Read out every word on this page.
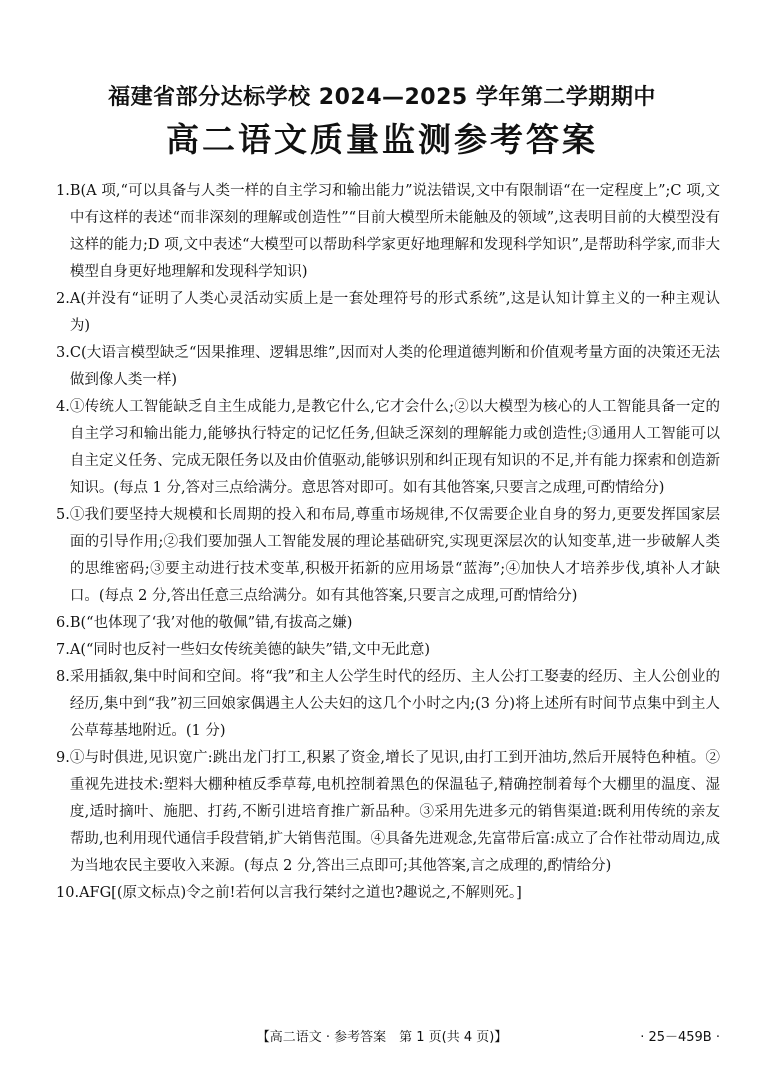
福建省部分达标学校 2024—2025 学年第二学期期中
高二语文质量监测参考答案
1. B(A 项,“可以具备与人类一样的自主学习和输出能力”说法错误,文中有限制语“在一定程度上”;C 项,文中有这样的表述“而非深刻的理解或创造性”“目前大模型所未能触及的领域”,这表明目前的大模型没有这样的能力;D 项,文中表述“大模型可以帮助科学家更好地理解和发现科学知识”,是帮助科学家,而非大模型自身更好地理解和发现科学知识)
2. A(并没有“证明了人类心灵活动实质上是一套处理符号的形式系统”,这是认知计算主义的一种主观认为)
3. C(大语言模型缺乏“因果推理、逻辑思维”,因而对人类的伦理道德判断和价值观考量方面的决策还无法做到像人类一样)
4. ①传统人工智能缺乏自主生成能力,是教它什么,它才会什么;②以大模型为核心的人工智能具备一定的自主学习和输出能力,能够执行特定的记忆任务,但缺乏深刻的理解能力或创造性;③通用人工智能可以自主定义任务、完成无限任务以及由价值驱动,能够识别和纠正现有知识的不足,并有能力探索和创造新知识。(每点 1 分,答对三点给满分。意思答对即可。如有其他答案,只要言之成理,可酌情给分)
5. ①我们要坚持大规模和长周期的投入和布局,尊重市场规律,不仅需要企业自身的努力,更要发挥国家层面的引导作用;②我们要加强人工智能发展的理论基础研究,实现更深层次的认知变革,进一步破解人类的思维密码;③要主动进行技术变革,积极开拓新的应用场景“蓝海”;④加快人才培养步伐,填补人才缺口。(每点 2 分,答出任意三点给满分。如有其他答案,只要言之成理,可酌情给分)
6. B(“也体现了‘我’对他的敬佩”错,有拔高之嫌)
7. A(“同时也反衬一些妇女传统美德的缺失”错,文中无此意)
8. 采用插叙,集中时间和空间。将“我”和主人公学生时代的经历、主人公打工娶妻的经历、主人公创业的经历,集中到“我”初三回娘家偶遇主人公夫妇的这几个小时之内;(3 分)将上述所有时间节点集中到主人公草莓基地附近。(1 分)
9. ①与时俱进,见识宽广:跳出龙门打工,积累了资金,增长了见识,由打工到开油坊,然后开展特色种植。②重视先进技术:塑料大棚种植反季草莓,电机控制着黑色的保温毡子,精确控制着每个大棚里的温度、湿度,适时摘叶、施肥、打药,不断引进培育推广新品种。③采用先进多元的销售渠道:既利用传统的亲友帮助,也利用现代通信手段营销,扩大销售范围。④具备先进观念,先富带后富:成立了合作社带动周边,成为当地农民主要收入来源。(每点 2 分,答出三点即可;其他答案,言之成理的,酌情给分)
10. AFG[(原文标点)令之前!若何以言我行桀纣之道也?趣说之,不解则死。]
【高二语文 · 参考答案　第 1 页(共 4 页)】	· 25－459B ·
